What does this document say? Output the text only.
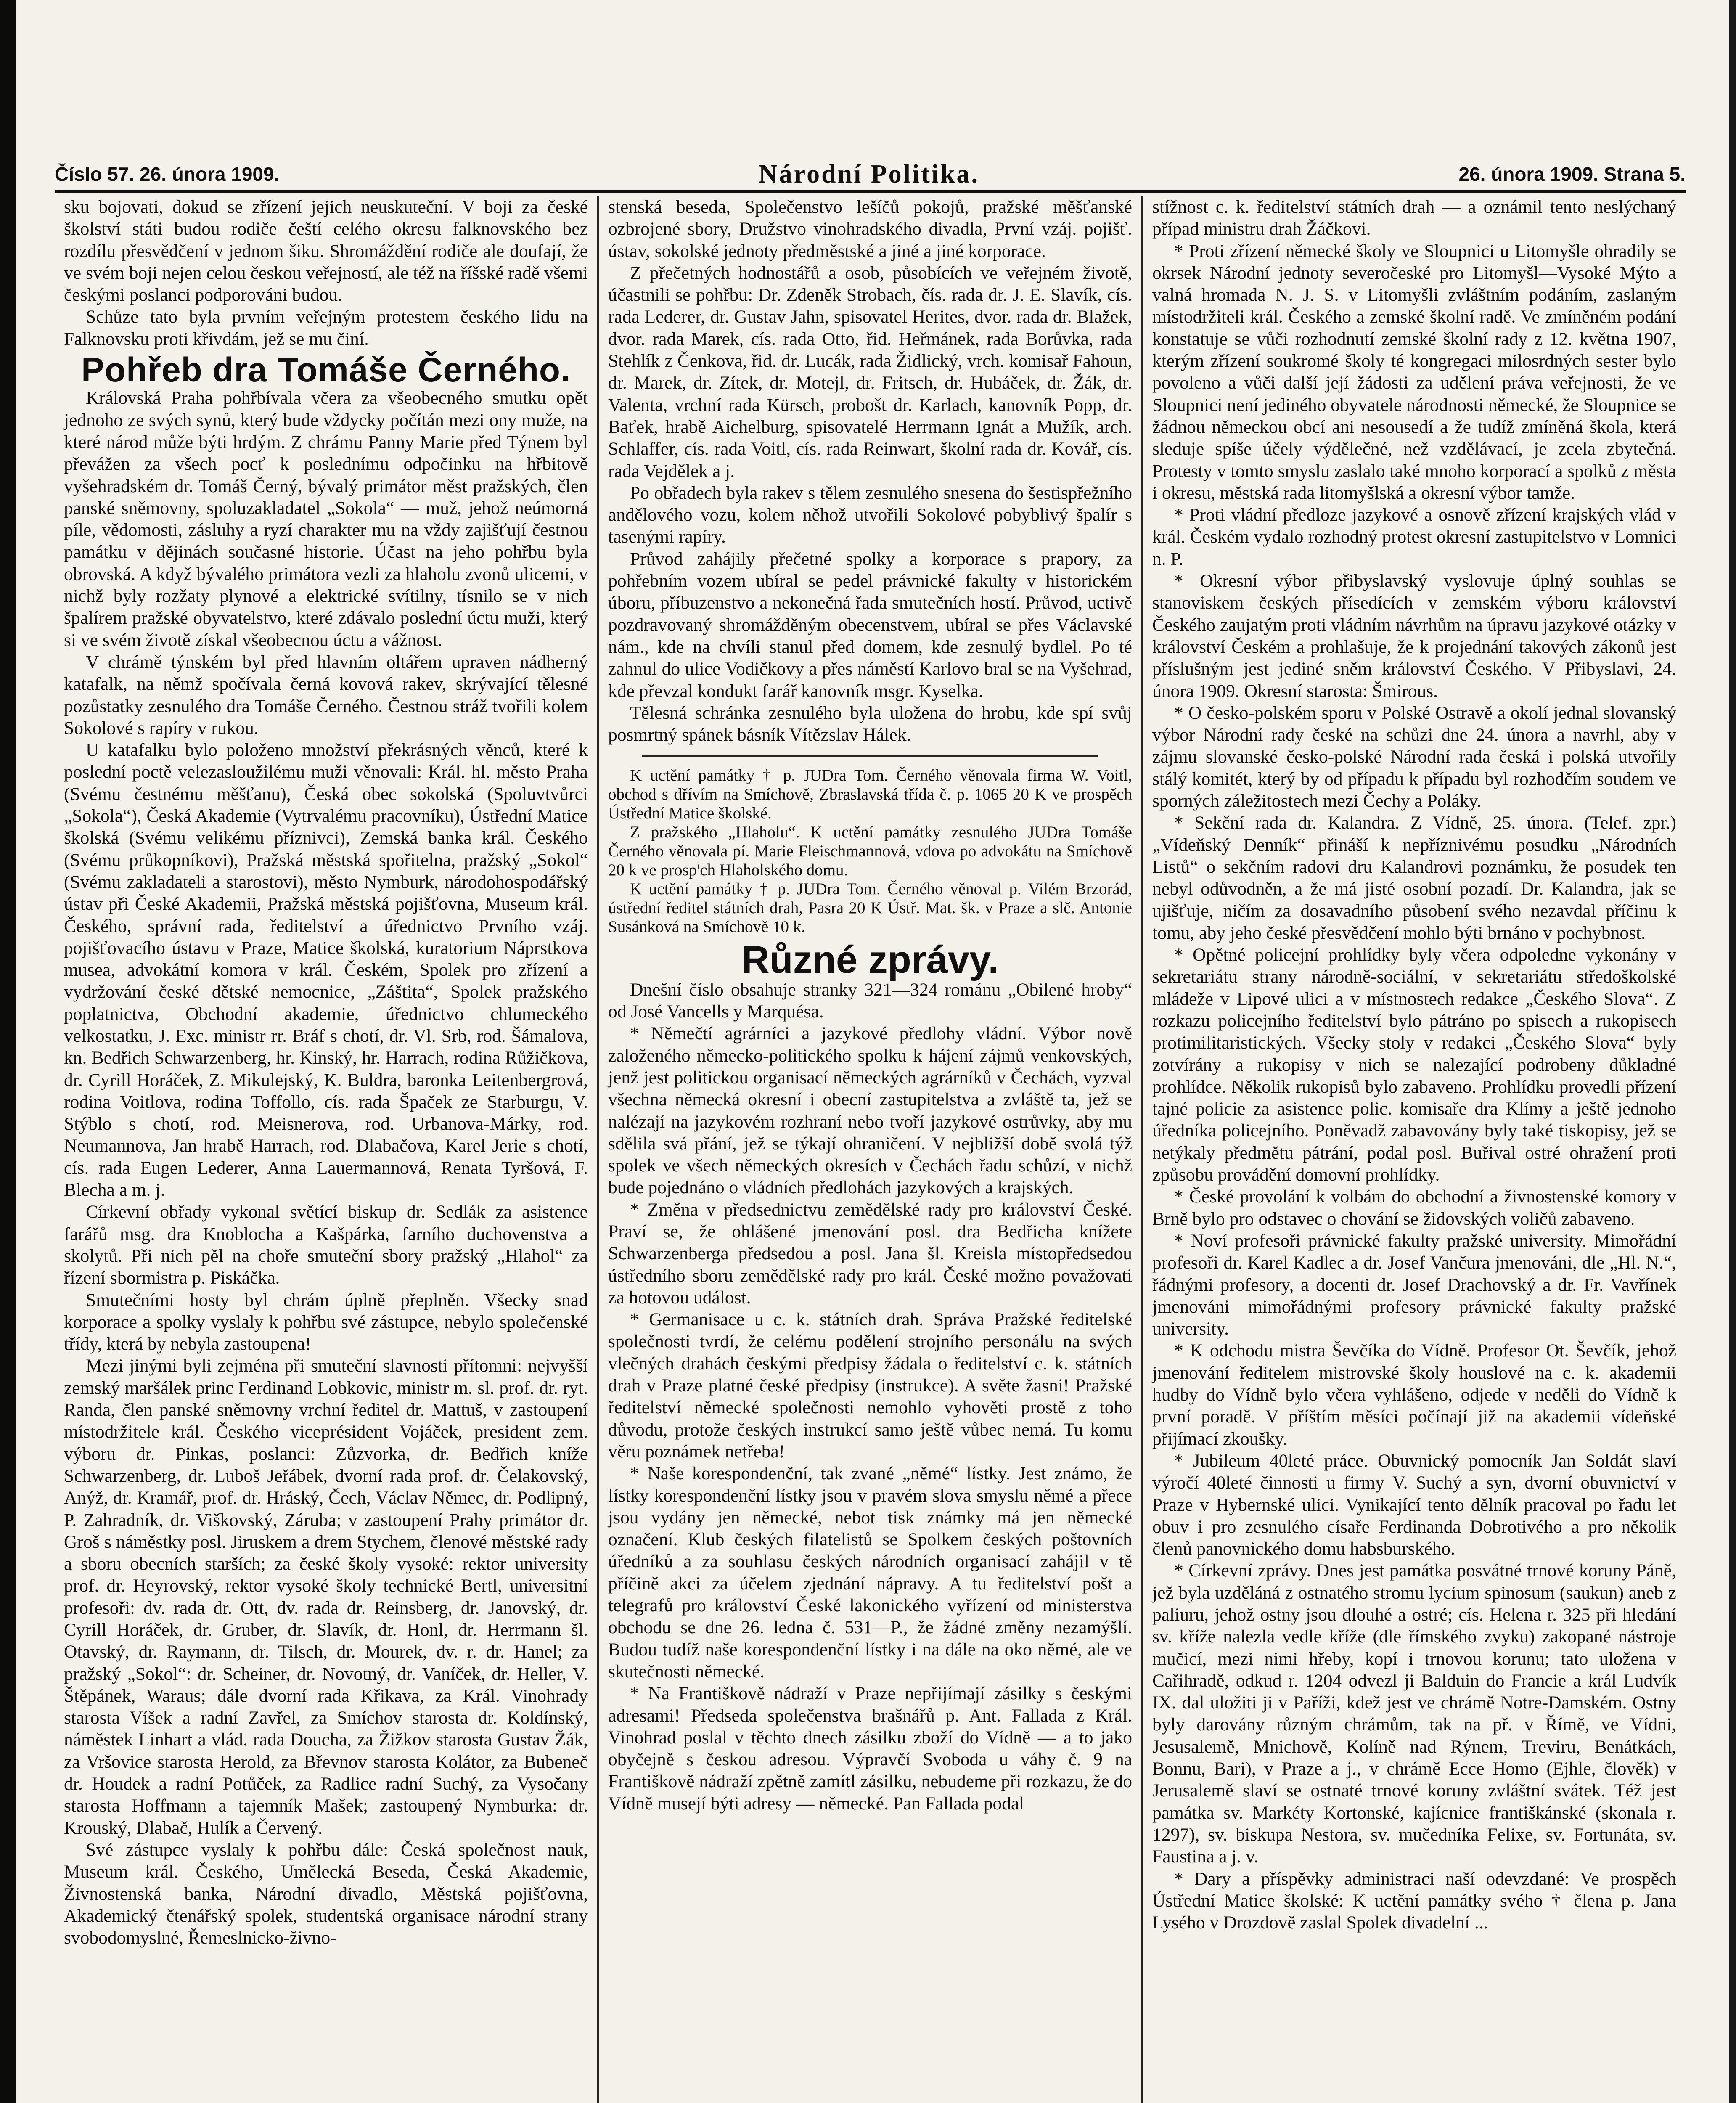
Číslo 57. 26. února 1909.	Národní Politika.	26. února 1909. Strana 5.

sku bojovati, dokud se zřízení jejich neuskuteční. V boji za české školství státi budou rodiče čeští celého okresu falknovského bez rozdílu přesvědčení v jednom šiku. Shromáždění rodiče ale doufají, že ve svém boji nejen celou českou veřejností, ale též na říšské radě všemi českými poslanci podporováni budou.

Schůze tato byla prvním veřejným protestem českého lidu na Falknovsku proti křivdám, jež se mu činí.

Pohřeb dra Tomáše Černého.

Královská Praha pohřbívala včera za všeobecného smutku opět jednoho ze svých synů, který bude vždycky počítán mezi ony muže, na které národ může býti hrdým. Z chrámu Panny Marie před Týnem byl převážen za všech pocť k poslednímu odpočinku na hřbitově vyšehradském dr. Tomáš Černý, bývalý primátor měst pražských, člen panské sněmovny, spoluzakladatel „Sokola“ — muž, jehož neúmorná píle, vědomosti, zásluhy a ryzí charakter mu na vždy zajišťují čestnou památku v dějinách současné historie. Účast na jeho pohřbu byla obrovská. A když bývalého primátora vezli za hlaholu zvonů ulicemi, v nichž byly rozžaty plynové a elektrické svítilny, tísnilo se v nich špalírem pražské obyvatelstvo, které zdávalo poslední úctu muži, který si ve svém životě získal všeobecnou úctu a vážnost.

V chrámě týnském byl před hlavním oltářem upraven nádherný katafalk, na němž spočívala černá kovová rakev, skrývající tělesné pozůstatky zesnulého dra Tomáše Černého. Čestnou stráž tvořili kolem Sokolové s rapíry v rukou.

U katafalku bylo položeno množství překrásných věnců, které k poslední poctě velezasloužilému muži věnovali: Král. hl. město Praha (Svému čestnému měšťanu), Česká obec sokolská (Spoluvtvůrci „Sokola“), Česká Akademie (Vytrvalému pracovníku), Ústřední Matice školská (Svému velikému příznivci), Zemská banka král. Českého (Svému průkopníkovi), Pražská městská spořitelna, pražský „Sokol“ (Svému zakladateli a starostovi), město Nymburk, národohospodářský ústav při České Akademii, Pražská městská pojišťovna, Museum král. Českého, správní rada, ředitelství a úřednictvo Prvního vzáj. pojišťovacího ústavu v Praze, Matice školská, kuratorium Náprstkova musea, advokátní komora v král. Českém, Spolek pro zřízení a vydržování české dětské nemocnice, „Záštita“, Spolek pražského poplatnictva, Obchodní akademie, úřednictvo chlumeckého velkostatku, J. Exc. ministr rr. Bráf s chotí, dr. Vl. Srb, rod. Šámalova, kn. Bedřich Schwarzenberg, hr. Kinský, hr. Harrach, rodina Růžičkova, dr. Cyrill Horáček, Z. Mikulejský, K. Buldra, baronka Leitenbergrová, rodina Voitlova, rodina Toffollo, cís. rada Špaček ze Starburgu, V. Stýblo s chotí, rod. Meisnerova, rod. Urbanova-Márky, rod. Neumannova, Jan hrabě Harrach, rod. Dlabačova, Karel Jerie s chotí, cís. rada Eugen Lederer, Anna Lauermannová, Renata Tyršová, F. Blecha a m. j.

Církevní obřady vykonal světící biskup dr. Sedlák za asistence farářů msg. dra Knoblocha a Kašpárka, farního duchovenstva a skolytů. Při nich pěl na choře smuteční sbory pražský „Hlahol“ za řízení sbormistra p. Piskáčka.

Smutečními hosty byl chrám úplně přeplněn. Všecky snad korporace a spolky vyslaly k pohřbu své zástupce, nebylo společenské třídy, která by nebyla zastoupena!

Mezi jinými byli zejména při smuteční slavnosti přítomni: nejvyšší zemský maršálek princ Ferdinand Lobkovic, ministr m. sl. prof. dr. ryt. Randa, člen panské sněmovny vrchní ředitel dr. Mattuš, v zastoupení místodržitele král. Českého viceprésident Vojáček, president zem. výboru dr. Pinkas, poslanci: Zůzvorka, dr. Bedřich kníže Schwarzenberg, dr. Luboš Jeřábek, dvorní rada prof. dr. Čelakovský, Anýž, dr. Kramář, prof. dr. Hráský, Čech, Václav Němec, dr. Podlipný, P. Zahradník, dr. Viškovský, Záruba; v zastoupení Prahy primátor dr. Groš s náměstky posl. Jiruskem a drem Stychem, členové městské rady a sboru obecních starších; za české školy vysoké: rektor university prof. dr. Heyrovský, rektor vysoké školy technické Bertl, universitní profesoři: dv. rada dr. Ott, dv. rada dr. Reinsberg, dr. Janovský, dr. Cyrill Horáček, dr. Gruber, dr. Slavík, dr. Honl, dr. Herrmann šl. Otavský, dr. Raymann, dr. Tilsch, dr. Mourek, dv. r. dr. Hanel; za pražský „Sokol“: dr. Scheiner, dr. Novotný, dr. Vaníček, dr. Heller, V. Štěpánek, Waraus; dále dvorní rada Křikava, za Král. Vinohrady starosta Víšek a radní Zavřel, za Smíchov starosta dr. Koldínský, náměstek Linhart a vlád. rada Doucha, za Žižkov starosta Gustav Žák, za Vršovice starosta Herold, za Břevnov starosta Kolátor, za Bubeneč dr. Houdek a radní Potůček, za Radlice radní Suchý, za Vysočany starosta Hoffmann a tajemník Mašek; zastoupený Nymburka: dr. Krouský, Dlabač, Hulík a Červený.

Své zástupce vyslaly k pohřbu dále: Česká společnost nauk, Museum král. Českého, Umělecká Beseda, Česká Akademie, Živnostenská banka, Národní divadlo, Městská pojišťovna, Akademický čtenářský spolek, studentská organisace národní strany svobodomyslné, Řemeslnicko-živno-

stenská beseda, Společenstvo lešíčů pokojů, pražské měšťanské ozbrojené sbory, Družstvo vinohradského divadla, První vzáj. pojišť. ústav, sokolské jednoty předměstské a jiné a jiné korporace.

Z přečetných hodnostářů a osob, působících ve veřejném životě, účastnili se pohřbu: Dr. Zdeněk Strobach, čís. rada dr. J. E. Slavík, cís. rada Lederer, dr. Gustav Jahn, spisovatel Herites, dvor. rada dr. Blažek, dvor. rada Marek, cís. rada Otto, řid. Heřmánek, rada Borůvka, rada Stehlík z Čenkova, řid. dr. Lucák, rada Židlický, vrch. komisař Fahoun, dr. Marek, dr. Zítek, dr. Motejl, dr. Fritsch, dr. Hubáček, dr. Žák, dr. Valenta, vrchní rada Kürsch, probošt dr. Karlach, kanovník Popp, dr. Baťek, hrabě Aichelburg, spisovatelé Herrmann Ignát a Mužík, arch. Schlaffer, cís. rada Voitl, cís. rada Reinwart, školní rada dr. Kovář, cís. rada Vejdělek a j.

Po obřadech byla rakev s tělem zesnulého snesena do šestispřežního andělového vozu, kolem něhož utvořili Sokolové pobyblivý špalír s tasenými rapíry.

Průvod zahájily přečetné spolky a korporace s prapory, za pohřebním vozem ubíral se pedel právnické fakulty v historickém úboru, příbuzenstvo a nekonečná řada smutečních hostí. Průvod, uctivě pozdravovaný shromážděným obecenstvem, ubíral se přes Václavské nám., kde na chvíli stanul před domem, kde zesnulý bydlel. Po té zahnul do ulice Vodičkovy a přes náměstí Karlovo bral se na Vyšehrad, kde převzal kondukt farář kanovník msgr. Kyselka.

Tělesná schránka zesnulého byla uložena do hrobu, kde spí svůj posmrtný spánek básník Vítězslav Hálek.

K uctění památky † p. JUDra Tom. Černého věnovala firma W. Voitl, obchod s dřívím na Smíchově, Zbraslavská třída č. p. 1065 20 K ve prospěch Ústřední Matice školské.

Z pražského „Hlaholu“. K uctění památky zesnulého JUDra Tomáše Černého věnovala pí. Marie Fleischmannová, vdova po advokátu na Smíchově 20 k ve prosp'ch Hlaholského domu.

K uctění památky † p. JUDra Tom. Černého věnoval p. Vilém Brzorád, ústřední ředitel státních drah, Pasra 20 K Ústř. Mat. šk. v Praze a slč. Antonie Susánková na Smíchově 10 k.

Různé zprávy.

Dnešní číslo obsahuje stranky 321—324 románu „Obilené hroby“ od José Vancells y Marquésa.

* Němečtí agrárníci a jazykové předlohy vládní. Výbor nově založeného německo-politického spolku k hájení zájmů venkovských, jenž jest politickou organisací německých agrárníků v Čechách, vyzval všechna německá okresní i obecní zastupitelstva a zvláště ta, jež se nalézají na jazykovém rozhraní nebo tvoří jazykové ostrůvky, aby mu sdělila svá přání, jež se týkají ohraničení. V nejbližší době svolá týž spolek ve všech německých okresích v Čechách řadu schůzí, v nichž bude pojednáno o vládních předlohách jazykových a krajských.

* Změna v předsednictvu zemědělské rady pro království České. Praví se, že ohlášené jmenování posl. dra Bedřicha knížete Schwarzenberga předsedou a posl. Jana šl. Kreisla místopředsedou ústředního sboru zemědělské rady pro král. České možno považovati za hotovou událost.

* Germanisace u c. k. státních drah. Správa Pražské ředitelské společnosti tvrdí, že celému podělení strojního personálu na svých vlečných drahách českými předpisy žádala o ředitelství c. k. státních drah v Praze platné české předpisy (instrukce). A světe žasni! Pražské ředitelství německé společnosti nemohlo vyhověti prostě z toho důvodu, protože českých instrukcí samo ještě vůbec nemá. Tu komu věru poznámek netřeba!

* Naše korespondenční, tak zvané „němé“ lístky. Jest známo, že lístky korespondenční lístky jsou v pravém slova smyslu němé a přece jsou vydány jen německé, nebot tisk známky má jen německé označení. Klub českých filatelistů se Spolkem českých poštovních úředníků a za souhlasu českých národních organisací zahájil v tě příčině akci za účelem zjednání nápravy. A tu ředitelství pošt a telegrafů pro království České lakonického vyřízení od ministerstva obchodu se dne 26. ledna č. 531—P., že žádné změny nezamýšlí. Budou tudíž naše korespondenční lístky i na dále na oko němé, ale ve skutečnosti německé.

* Na Františkově nádraží v Praze nepřijímají zásilky s českými adresami! Předseda společenstva brašnářů p. Ant. Fallada z Král. Vinohrad poslal v těchto dnech zásilku zboží do Vídně — a to jako obyčejně s českou adresou. Výpravčí Svoboda u váhy č. 9 na Františkově nádraží zpětně zamítl zásilku, nebudeme při rozkazu, že do Vídně musejí býti adresy — německé. Pan Fallada podal

stížnost c. k. ředitelství státních drah — a oznámil tento neslýchaný případ ministru drah Žáčkovi.

* Proti zřízení německé školy ve Sloupnici u Litomyšle ohradily se okrsek Národní jednoty severočeské pro Litomyšl—Vysoké Mýto a valná hromada N. J. S. v Litomyšli zvláštním podáním, zaslaným místodržiteli král. Českého a zemské školní radě. Ve zmíněném podání konstatuje se vůči rozhodnutí zemské školní rady z 12. května 1907, kterým zřízení soukromé školy té kongregaci milosrdných sester bylo povoleno a vůči další její žádosti za udělení práva veřejnosti, že ve Sloupnici není jediného obyvatele národnosti německé, že Sloupnice se žádnou německou obcí ani nesousedí a že tudíž zmíněná škola, která sleduje spíše účely výdělečné, než vzdělávací, je zcela zbytečná. Protesty v tomto smyslu zaslalo také mnoho korporací a spolků z města i okresu, městská rada litomyšlská a okresní výbor tamže.

* Proti vládní předloze jazykové a osnově zřízení krajských vlád v král. Českém vydalo rozhodný protest okresní zastupitelstvo v Lomnici n. P.

* Okresní výbor přibyslavský vyslovuje úplný souhlas se stanoviskem českých přísedících v zemském výboru království Českého zaujatým proti vládním návrhům na úpravu jazykové otázky v království Českém a prohlašuje, že k projednání takových zákonů jest příslušným jest jediné sněm království Českého. V Přibyslavi, 24. února 1909. Okresní starosta: Šmirous.

* O česko-polském sporu v Polské Ostravě a okolí jednal slovanský výbor Národní rady české na schůzi dne 24. února a navrhl, aby v zájmu slovanské česko-polské Národní rada česká i polská utvořily stálý komitét, který by od případu k případu byl rozhodčím soudem ve sporných záležitostech mezi Čechy a Poláky.

* Sekční rada dr. Kalandra. Z Vídně, 25. února. (Telef. zpr.) „Vídeňský Denník“ přináší k nepříznivému posudku „Národních Listů“ o sekčním radovi dru Kalandrovi poznámku, že posudek ten nebyl odůvodněn, a že má jisté osobní pozadí. Dr. Kalandra, jak se ujišťuje, ničím za dosavadního působení svého nezavdal příčinu k tomu, aby jeho české přesvědčení mohlo býti brnáno v pochybnost.

* Opětné policejní prohlídky byly včera odpoledne vykonány v sekretariátu strany národně-sociální, v sekretariátu středoškolské mládeže v Lipové ulici a v místnostech redakce „Českého Slova“. Z rozkazu policejního ředitelství bylo pátráno po spisech a rukopisech protimilitaristických. Všecky stoly v redakci „Českého Slova“ byly zotvírány a rukopisy v nich se nalezající podrobeny důkladné prohlídce. Několik rukopisů bylo zabaveno. Prohlídku provedli přízení tajné policie za asistence polic. komisaře dra Klímy a ještě jednoho úředníka policejního. Poněvadž zabavovány byly také tiskopisy, jež se netýkaly předmětu pátrání, podal posl. Buřival ostré ohražení proti způsobu provádění domovní prohlídky.

* České provolání k volbám do obchodní a živnostenské komory v Brně bylo pro odstavec o chování se židovských voličů zabaveno.

* Noví profesoři právnické fakulty pražské university. Mimořádní profesoři dr. Karel Kadlec a dr. Josef Vančura jmenováni, dle „Hl. N.“, řádnými profesory, a docenti dr. Josef Drachovský a dr. Fr. Vavřínek jmenováni mimořádnými profesory právnické fakulty pražské university.

* K odchodu mistra Ševčíka do Vídně. Profesor Ot. Ševčík, jehož jmenování ředitelem mistrovské školy houslové na c. k. akademii hudby do Vídně bylo včera vyhlášeno, odjede v neděli do Vídně k první poradě. V příštím měsíci počínají již na akademii vídeňské přijímací zkoušky.

* Jubileum 40leté práce. Obuvnický pomocník Jan Soldát slaví výročí 40leté činnosti u firmy V. Suchý a syn, dvorní obuvnictví v Praze v Hybernské ulici. Vynikající tento dělník pracoval po řadu let obuv i pro zesnulého císaře Ferdinanda Dobrotivého a pro několik členů panovnického domu habsburského.

* Církevní zprávy. Dnes jest památka posvátné trnové koruny Páně, jež byla uzděláná z ostnatého stromu lycium spinosum (saukun) aneb z paliuru, jehož ostny jsou dlouhé a ostré; cís. Helena r. 325 při hledání sv. kříže nalezla vedle kříže (dle římského zvyku) zakopané nástroje mučicí, mezi nimi hřeby, kopí i trnovou korunu; tato uložena v Cařihradě, odkud r. 1204 odvezl ji Balduin do Francie a král Ludvík IX. dal uložiti ji v Paříži, kdež jest ve chrámě Notre-Damském. Ostny byly darovány různým chrámům, tak na př. v Římě, ve Vídni, Jesusalemě, Mnichově, Kolíně nad Rýnem, Treviru, Benátkách, Bonnu, Bari), v Praze a j., v chrámě Ecce Homo (Ejhle, člověk) v Jerusalemě slaví se ostnaté trnové koruny zvláštní svátek. Též jest památka sv. Markéty Kortonské, kajícnice františkánské (skonala r. 1297), sv. biskupa Nestora, sv. mučedníka Felixe, sv. Fortunáta, sv. Faustina a j. v.

* Dary a příspěvky administraci naší odevzdané: Ve prospěch Ústřední Matice školské: K uctění památky svého † člena p. Jana Lysého v Drozdově zaslal Spolek divadelní ...
